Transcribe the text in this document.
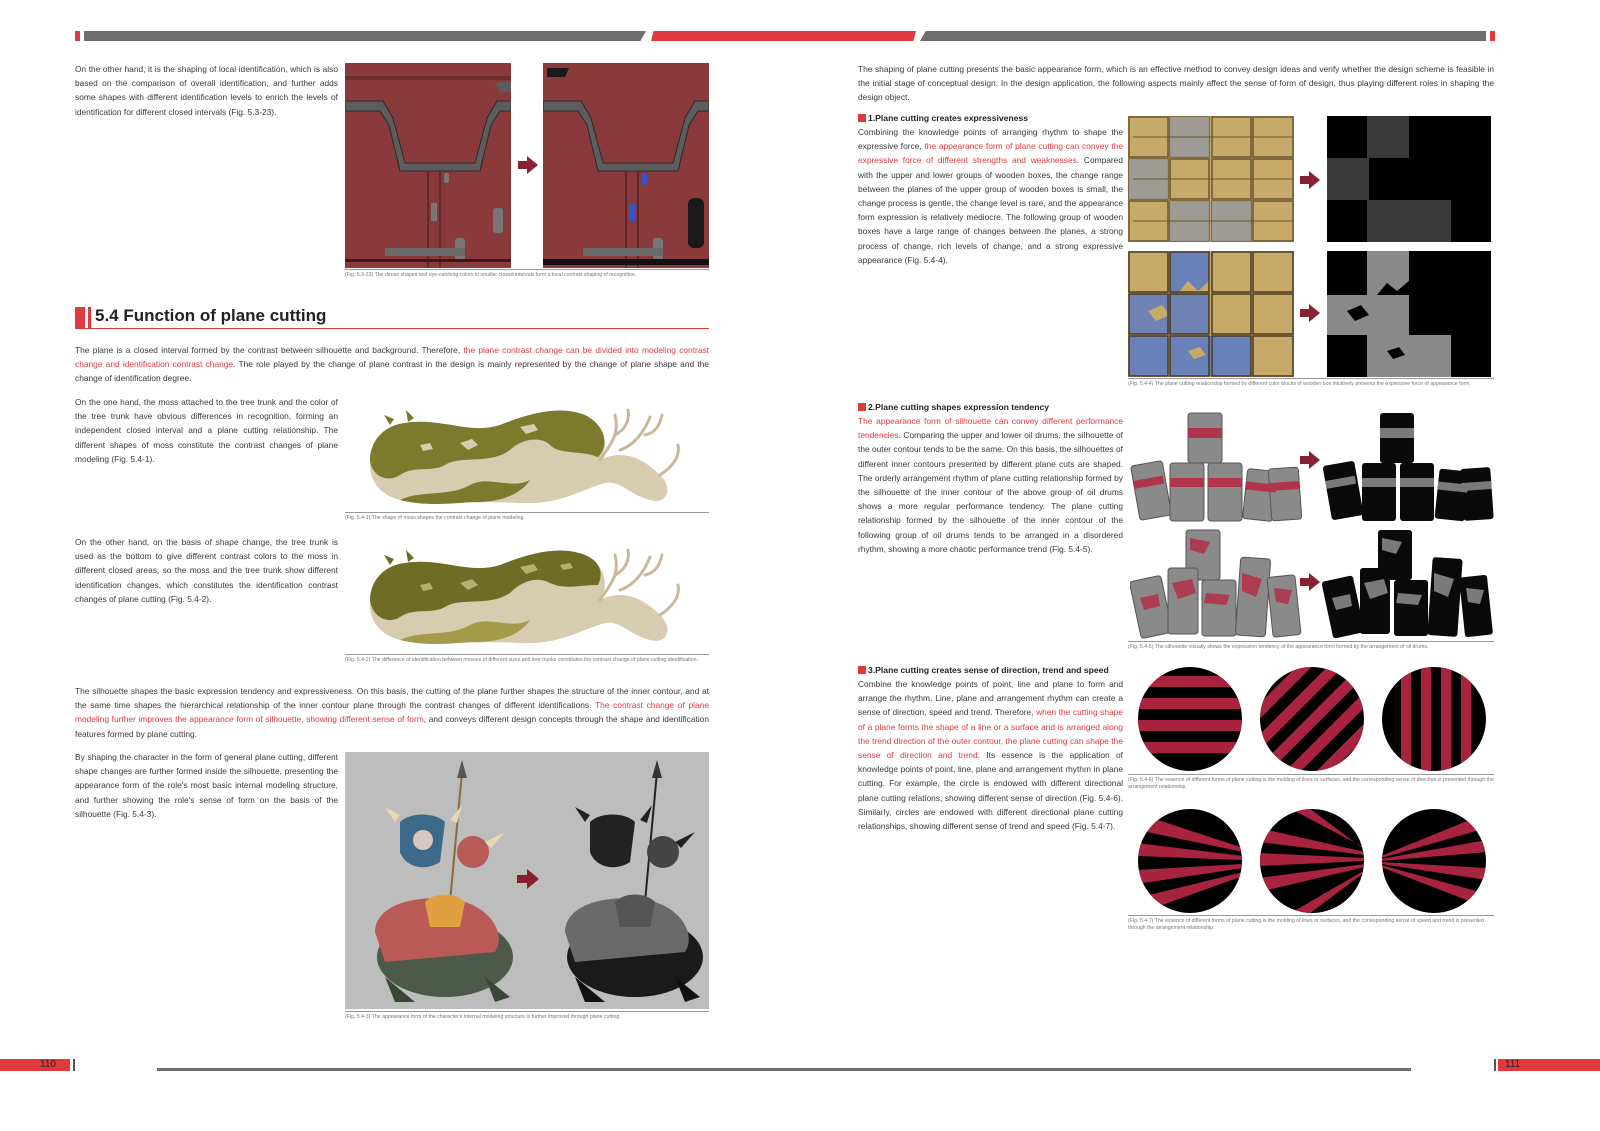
On the other hand, it is the shaping of local identification, which is also based on the comparison of overall identification, and further adds some shapes with different identification levels to enrich the levels of identification for different closed intervals (Fig. 5.3-23).
(Fig. 5.3-23) The dense shapes and eye-catching colors in smaller closed intervals form a local contrast shaping of recognition.
5.4 Function of plane cutting
The plane is a closed interval formed by the contrast between silhouette and background. Therefore, the plane contrast change can be divided into modeling contrast change and identification contrast change. The role played by the change of plane contrast in the design is mainly represented by the change of plane shape and the change of identification degree.
On the one hand, the moss attached to the tree trunk and the color of the tree trunk have obvious differences in recognition, forming an independent closed interval and a plane cutting relationship. The different shapes of moss constitute the contrast changes of plane modeling (Fig. 5.4-1).
(Fig. 5.4-1) The shape of moss shapes the contrast change of plane modeling.
On the other hand, on the basis of shape change, the tree trunk is used as the bottom to give different contrast colors to the moss in different closed areas, so the moss and the tree trunk show different identification changes, which constitutes the identification contrast changes of plane cutting (Fig. 5.4-2).
(Fig. 5.4-2) The difference of identification between mosses of different sizes and tree trunks constitutes the contrast change of plane cutting identification.
The silhouette shapes the basic expression tendency and expressiveness. On this basis, the cutting of the plane further shapes the structure of the inner contour, and at the same time shapes the hierarchical relationship of the inner contour plane through the contrast changes of different identifications. The contrast change of plane modeling further improves the appearance form of silhouette, showing different sense of form, and conveys different design concepts through the shape and identification features formed by plane cutting.
By shaping the character in the form of general plane cutting, different shape changes are further formed inside the silhouette, presenting the appearance form of the role's most basic internal modeling structure, and further showing the role's sense of form on the basis of the silhouette (Fig. 5.4-3).
(Fig. 5.4-3) The appearance form of the character's internal modeling structure is further improved through plane cutting.
110
The shaping of plane cutting presents the basic appearance form, which is an effective method to convey design ideas and verify whether the design scheme is feasible in the initial stage of conceptual design. In the design application, the following aspects mainly affect the sense of form of design, thus playing different roles in shaping the design object.
1.Plane cutting creates expressiveness
Combining the knowledge points of arranging rhythm to shape the expressive force, the appearance form of plane cutting can convey the expressive force of different strengths and weaknesses. Compared with the upper and lower groups of wooden boxes, the change range between the planes of the upper group of wooden boxes is small, the change process is gentle, the change level is rare, and the appearance form expression is relatively mediocre. The following group of wooden boxes have a large range of changes between the planes, a strong process of change, rich levels of change, and a strong expressive appearance (Fig. 5.4-4).
(Fig. 5.4-4) The plane cutting relationship formed by different color blocks of wooden box intuitively presents the expressive force of appearance form.
2.Plane cutting shapes expression tendency
The appearance form of silhouette can convey different performance tendencies. Comparing the upper and lower oil drums, the silhouette of the outer contour tends to be the same. On this basis, the silhouettes of different inner contours presented by different plane cuts are shaped. The orderly arrangement rhythm of plane cutting relationship formed by the silhouette of the inner contour of the above group of oil drums shows a more regular performance tendency. The plane cutting relationship formed by the silhouette of the inner contour of the following group of oil drums tends to be arranged in a disordered rhythm, showing a more chaotic performance trend (Fig. 5.4-5).
(Fig. 5.4-5) The silhouette visually shows the expression tendency of the appearance form formed by the arrangement of oil drums.
3.Plane cutting creates sense of direction, trend and speed
Combine the knowledge points of point, line and plane to form and arrange the rhythm. Line, plane and arrangement rhythm can create a sense of direction, speed and trend. Therefore, when the cutting shape of a plane forms the shape of a line or a surface and is arranged along the trend direction of the outer contour, the plane cutting can shape the sense of direction and trend. Its essence is the application of knowledge points of point, line, plane and arrangement rhythm in plane cutting. For example, the circle is endowed with different directional plane cutting relations, showing different sense of direction (Fig. 5.4-6). Similarly, circles are endowed with different directional plane cutting relationships, showing different sense of trend and speed (Fig. 5.4-7).
(Fig. 5.4-6) The essence of different forms of plane cutting is the molding of lines or surfaces, and the corresponding sense of direction is presented through the arrangement relationship.
(Fig. 5.4-7) The essence of different forms of plane cutting is the molding of lines or surfaces, and the corresponding sense of speed and trend is presented through the arrangement relationship.
111
